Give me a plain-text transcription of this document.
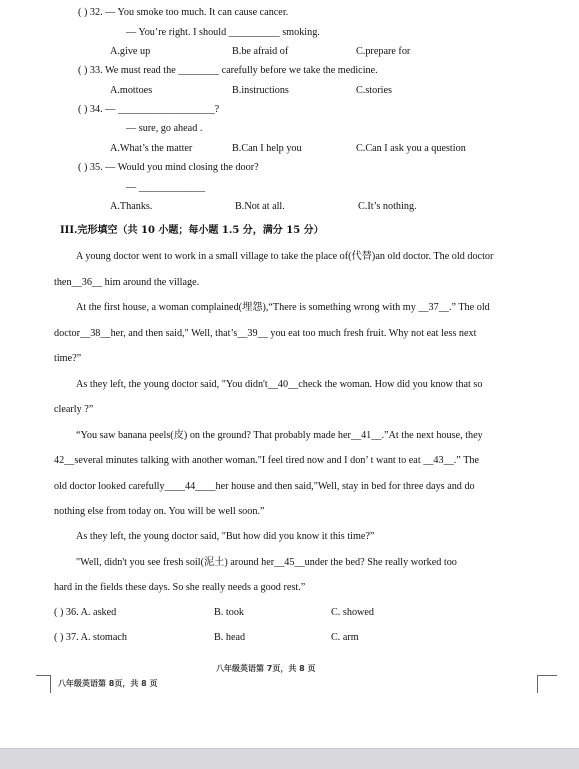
( ) 32. — You smoke too much. It can cause cancer.
— You’re right. I should __________ smoking.
A.give up	B.be afraid of	C.prepare for
( ) 33. We must read the ________ carefully before we take the medicine.
A.mottoes	B.instructions	C.stories
( ) 34. — ___________________?
— sure, go ahead .
A.What’s the matter	B.Can I help you	C.Can I ask you a question
( ) 35. — Would you mind closing the door?
— _____________
A.Thanks.	B.Not at all.	C.It’s nothing.
III.完形填空（共 10 小题；每小题 1.5 分，满分 15 分）
A young doctor went to work in a small village to take the place of(代替)an old doctor. The old doctor
then__36__ him around the village.
At the first house, a woman complained(埋怨),“There is something wrong with my __37__.” The old
doctor__38__her, and then said," Well, that’s__39__ you eat too much fresh fruit. Why not eat less next
time?”
As they left, the young doctor said, "You didn't__40__check the woman. How did you know that so
clearly ?”
“You saw banana peels(皮) on the ground? That probably made her__41__.”At the next house, they
42__several minutes talking with another woman."I feel tired now and I don’ t want to eat __43__.” The
old doctor looked carefully____44____her house and then said,"Well, stay in bed for three days and do
nothing else from today on. You will be well soon.”
As they left, the young doctor said, "But how did you know it this time?”
"Well, didn't you see fresh soil(泥土) around her__45__under the bed? She really worked too
hard in the fields these days. So she really needs a good rest.”
( ) 36. A. asked	B. took	C. showed
( ) 37. A. stomach	B. head	C. arm
八年级英语第 7页，共 8 页
八年级英语第 8页，共 8 页
